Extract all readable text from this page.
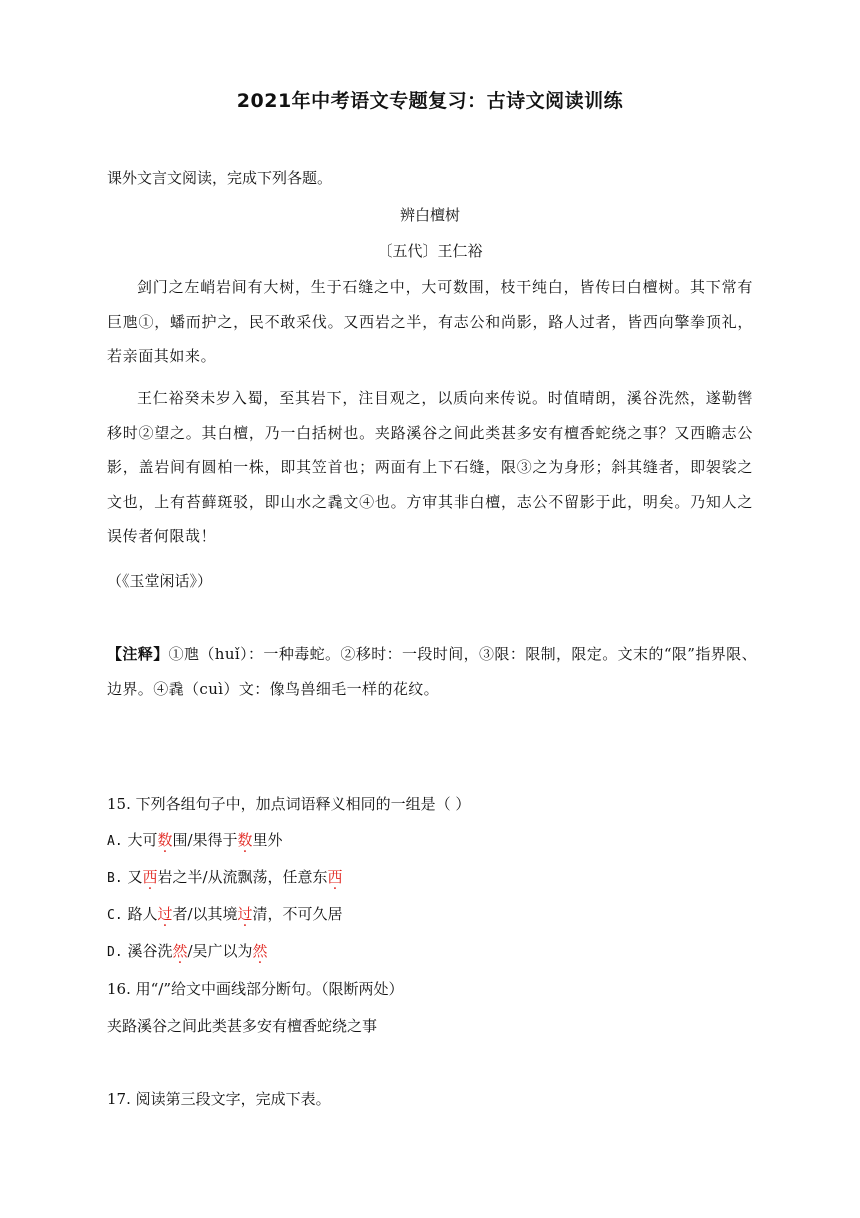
2021年中考语文专题复习：古诗文阅读训练
课外文言文阅读，完成下列各题。
辨白檀树
〔五代〕王仁裕
剑门之左峭岩间有大树，生于石缝之中，大可数围，枝干纯白，皆传曰白檀树。其下常有巨虺①，蟠而护之，民不敢采伐。又西岩之半，有志公和尚影，路人过者，皆西向擎拳顶礼，若亲面其如来。
王仁裕癸未岁入蜀，至其岩下，注目观之，以质向来传说。时值晴朗，溪谷洗然，遂勒辔移时②望之。其白檀，乃一白括树也。夹路溪谷之间此类甚多安有檀香蛇绕之事？又西瞻志公影，盖岩间有圆柏一株，即其笠首也；两面有上下石缝，限③之为身形；斜其缝者，即袈裟之文也，上有苔藓斑驳，即山水之毳文④也。方审其非白檀，志公不留影于此，明矣。乃知人之误传者何限哉！
（《玉堂闲话》）
【注释】①虺（huǐ）：一种毒蛇。②移时：一段时间，③限：限制，限定。文末的“限”指界限、边界。④毳（cuì）文：像鸟兽细毛一样的花纹。
15. 下列各组句子中，加点词语释义相同的一组是（ ）
A. 大可数围/果得于数里外
B. 又西岩之半/从流飘荡，任意东西
C. 路人过者/以其境过清，不可久居
D. 溪谷洗然/吴广以为然
16. 用“/”给文中画线部分断句。（限断两处）
夹路溪谷之间此类甚多安有檀香蛇绕之事
17. 阅读第三段文字，完成下表。
